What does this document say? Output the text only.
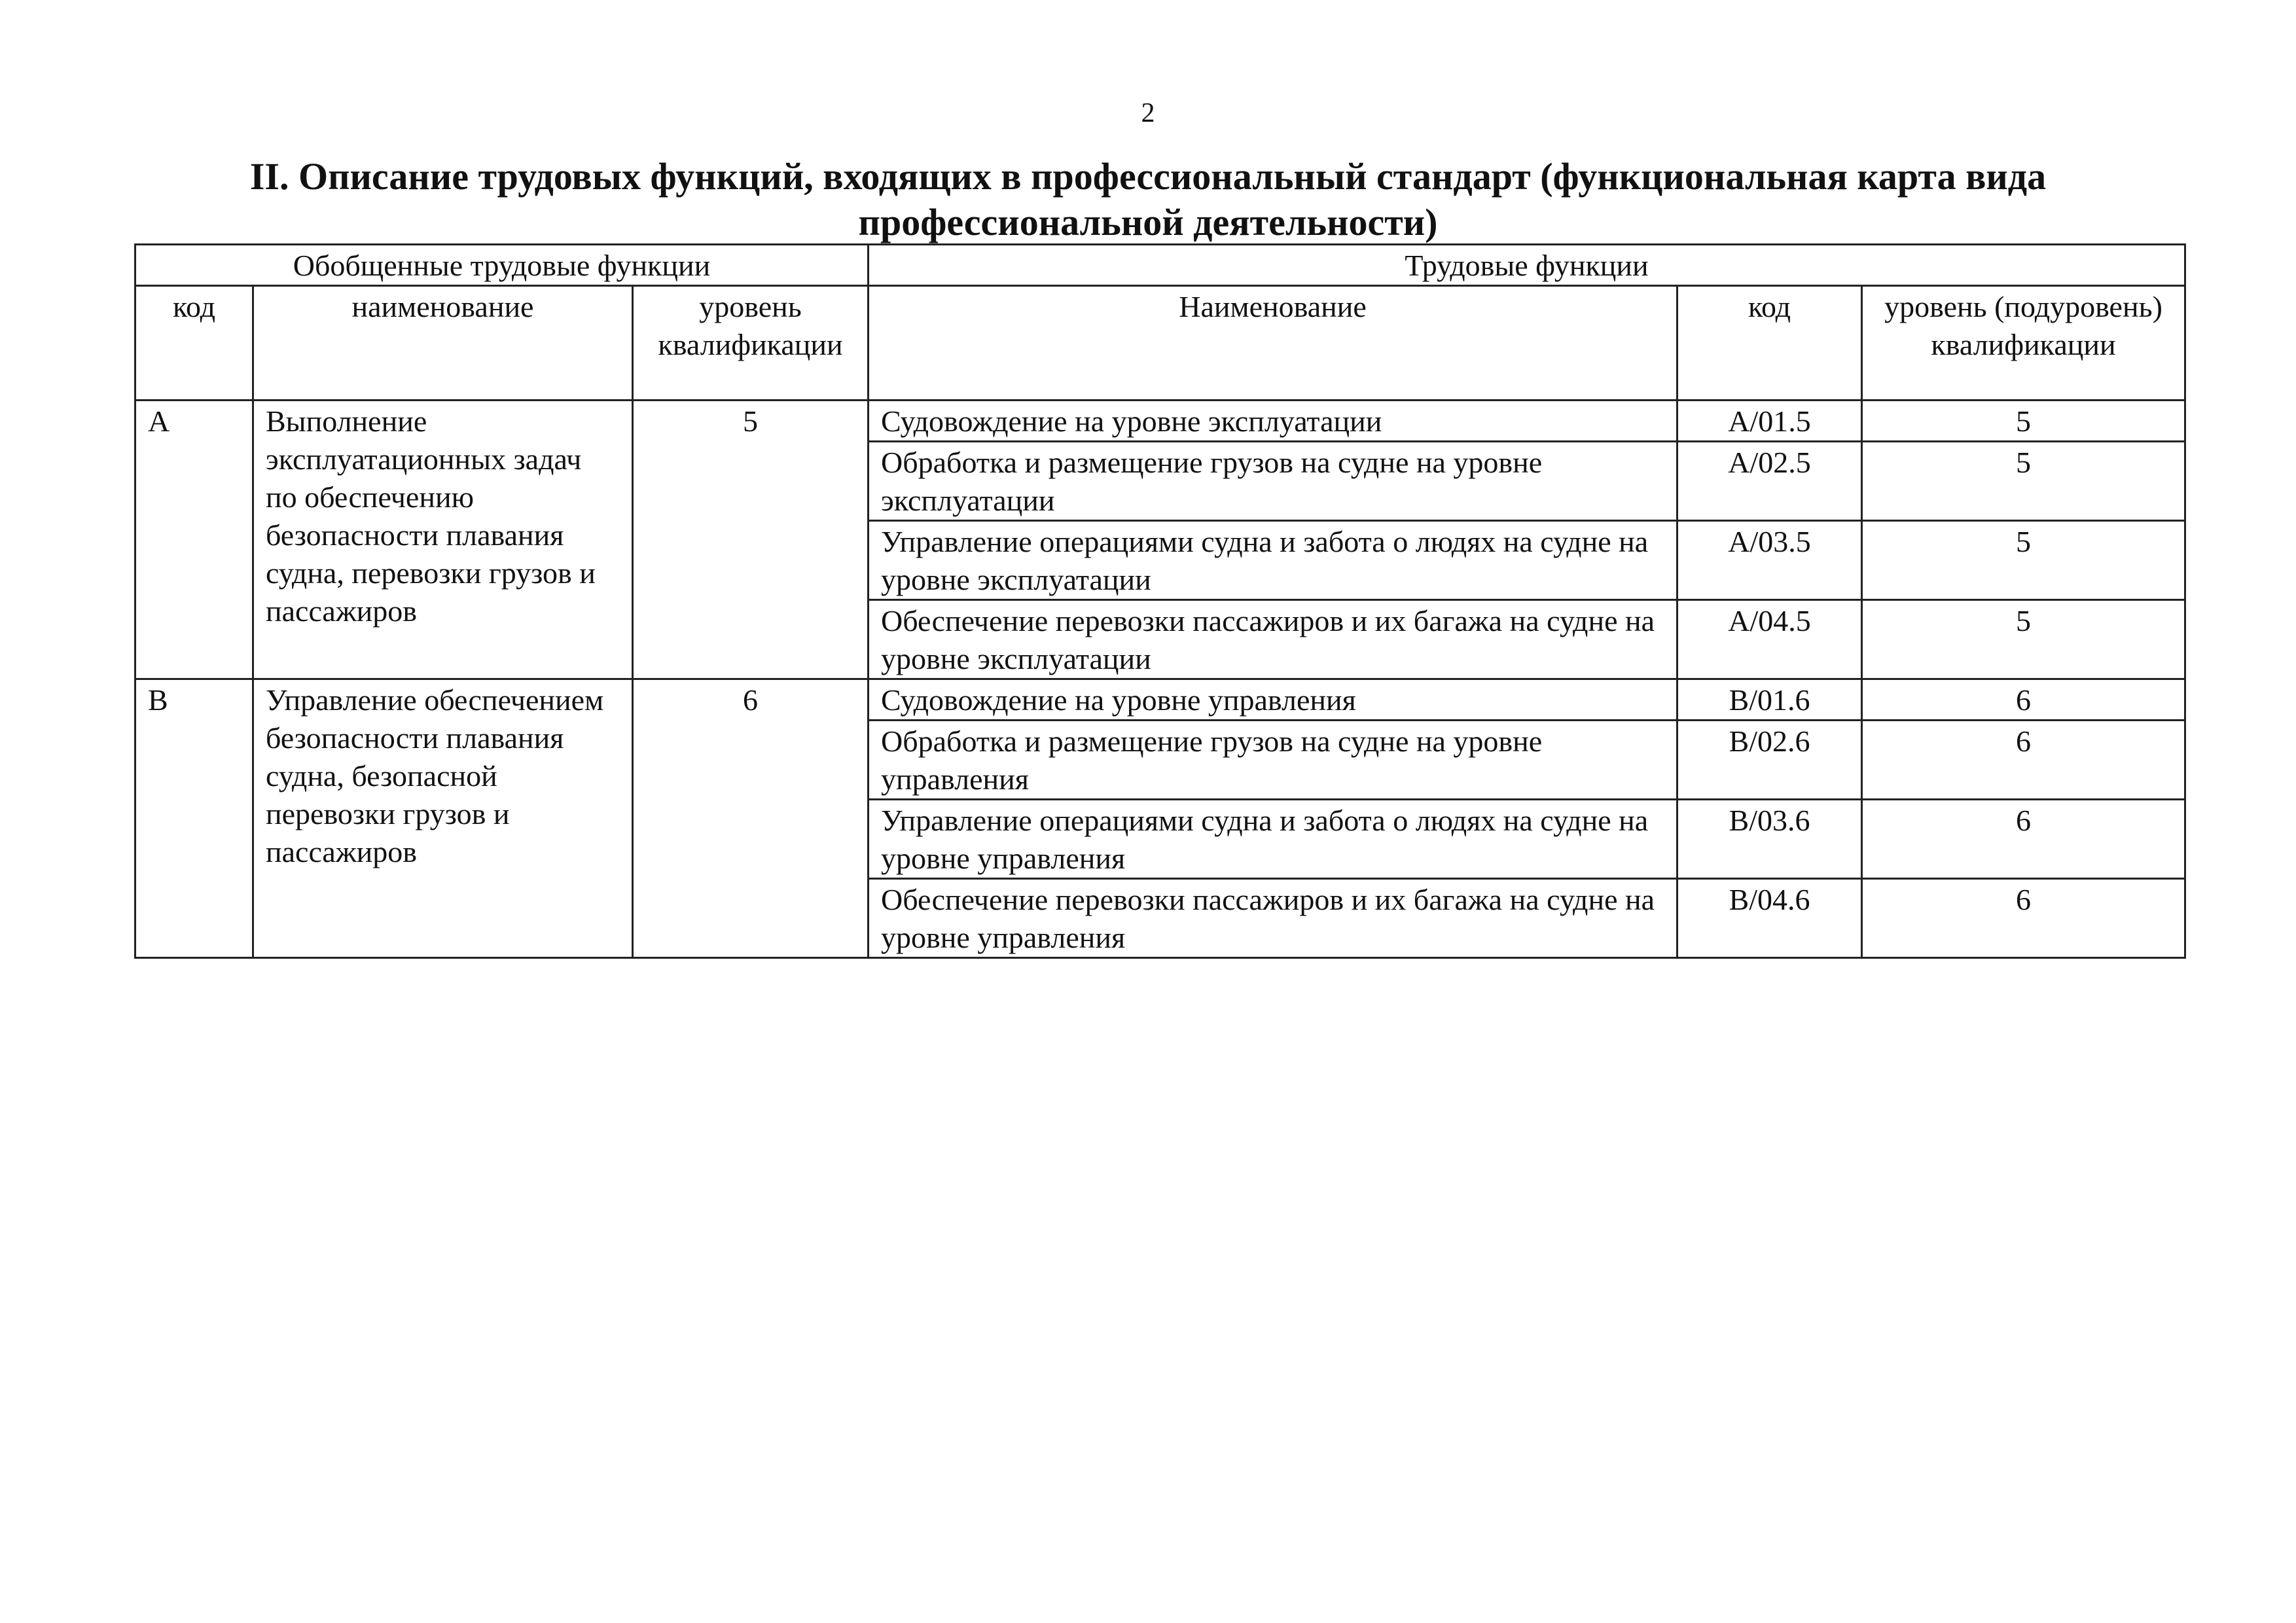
2
II. Описание трудовых функций, входящих в профессиональный стандарт (функциональная карта вида профессиональной деятельности)
Обобщенные трудовые функции			Трудовые функции		
код	наименование	уровень квалификации	Наименование	код	уровень (подуровень) квалификации
A	Выполнение эксплуатационных задач по обеспечению безопасности плавания судна, перевозки грузов и пассажиров	5	Судовождение на уровне эксплуатации	A/01.5	5
			Обработка и размещение грузов на судне на уровне эксплуатации	A/02.5	5
			Управление операциями судна и забота о людях на судне на уровне эксплуатации	A/03.5	5
			Обеспечение перевозки пассажиров и их багажа на судне на уровне эксплуатации	A/04.5	5
B	Управление обеспечением безопасности плавания судна, безопасной перевозки грузов и пассажиров	6	Судовождение на уровне управления	B/01.6	6
			Обработка и размещение грузов на судне на уровне управления	B/02.6	6
			Управление операциями судна и забота о людях на судне на уровне управления	B/03.6	6
			Обеспечение перевозки пассажиров и их багажа на судне на уровне управления	B/04.6	6
